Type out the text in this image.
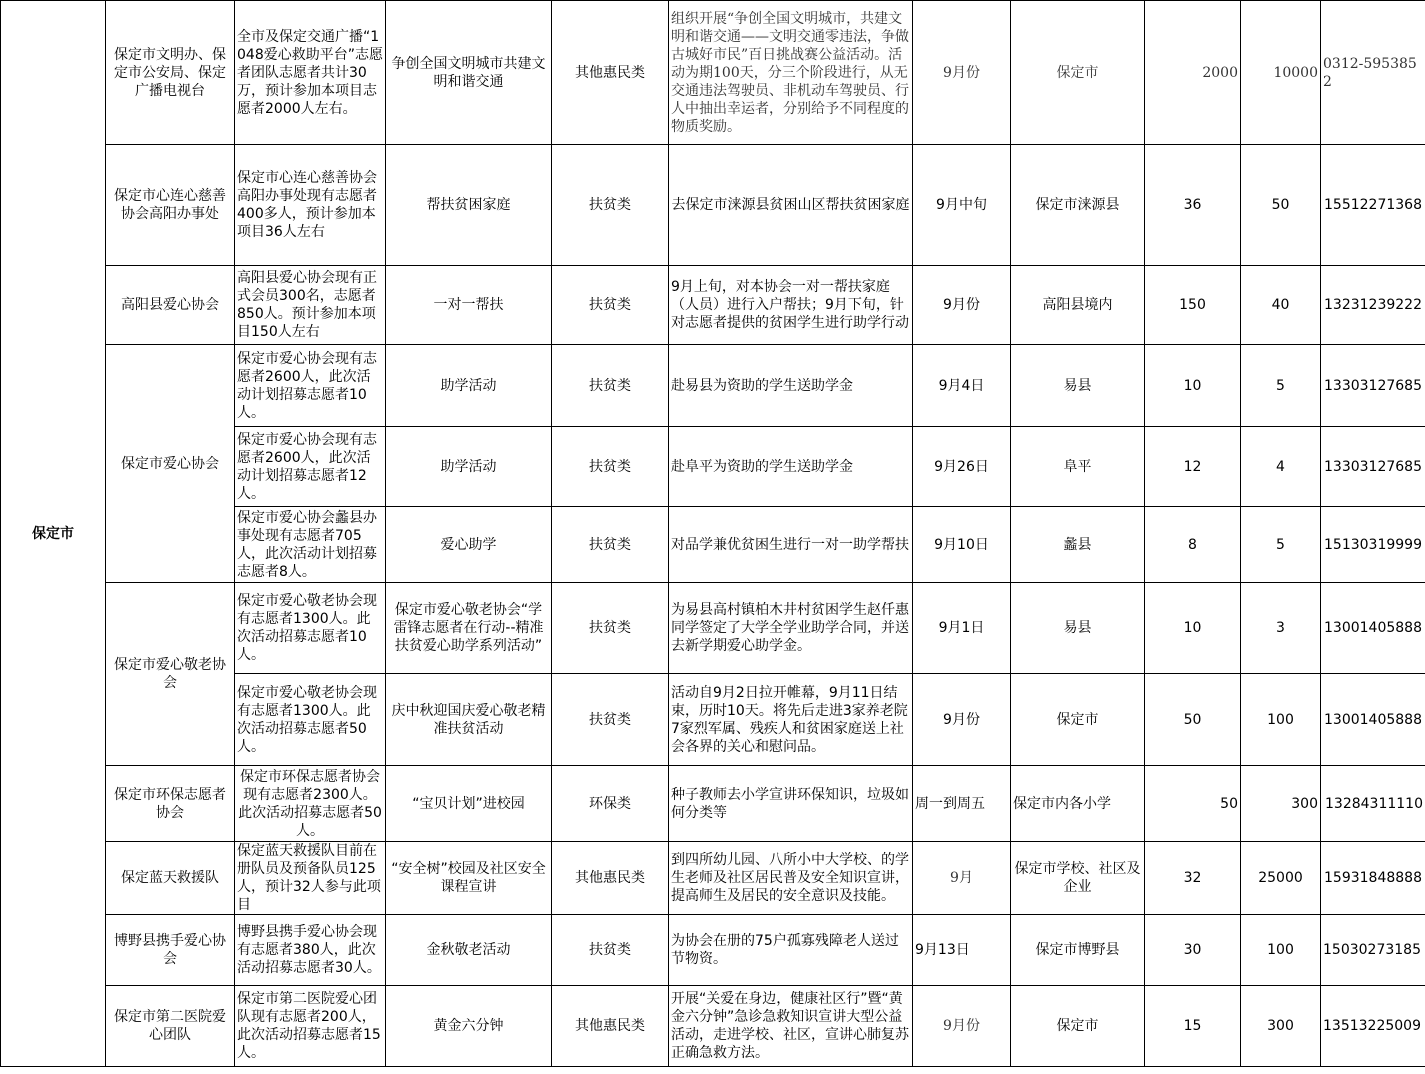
保定市	保定市文明办、保定市公安局、保定广播电视台	全市及保定交通广播“1048爱心救助平台”志愿者团队志愿者共计30万，预计参加本项目志愿者2000人左右。	争创全国文明城市共建文明和谐交通	其他惠民类	组织开展“争创全国文明城市，共建文明和谐交通——文明交通零违法，争做古城好市民”百日挑战赛公益活动。活动为期100天，分三个阶段进行，从无交通违法驾驶员、非机动车驾驶员、行人中抽出幸运者，分别给予不同程度的物质奖励。	9月份	保定市	2000	10000	0312-5953852
	保定市心连心慈善协会高阳办事处	保定市心连心慈善协会高阳办事处现有志愿者400多人，预计参加本项目36人左右	帮扶贫困家庭	扶贫类	去保定市涞源县贫困山区帮扶贫困家庭	9月中旬	保定市涞源县	36	50	15512271368
	高阳县爱心协会	高阳县爱心协会现有正式会员300名，志愿者850人。预计参加本项目150人左右	一对一帮扶	扶贫类	9月上旬，对本协会一对一帮扶家庭（人员）进行入户帮扶；9月下旬，针对志愿者提供的贫困学生进行助学行动	9月份	高阳县境内	150	40	13231239222
	保定市爱心协会	保定市爱心协会现有志愿者2600人，此次活动计划招募志愿者10人。	助学活动	扶贫类	赴易县为资助的学生送助学金	9月4日	易县	10	5	13303127685
		保定市爱心协会现有志愿者2600人，此次活动计划招募志愿者12人。	助学活动	扶贫类	赴阜平为资助的学生送助学金	9月26日	阜平	12	4	13303127685
		保定市爱心协会蠡县办事处现有志愿者705人，此次活动计划招募志愿者8人。	爱心助学	扶贫类	对品学兼优贫困生进行一对一助学帮扶	9月10日	蠡县	8	5	15130319999
	保定市爱心敬老协会	保定市爱心敬老协会现有志愿者1300人。此次活动招募志愿者10人。	保定市爱心敬老协会“学雷锋志愿者在行动--精准扶贫爱心助学系列活动”	扶贫类	为易县高村镇柏木井村贫困学生赵仟惠同学签定了大学全学业助学合同，并送去新学期爱心助学金。	9月1日	易县	10	3	13001405888
		保定市爱心敬老协会现有志愿者1300人。此次活动招募志愿者50人。	庆中秋迎国庆爱心敬老精准扶贫活动	扶贫类	活动自9月2日拉开帷幕，9月11日结束，历时10天。将先后走进3家养老院7家烈军属、残疾人和贫困家庭送上社会各界的关心和慰问品。	9月份	保定市	50	100	13001405888
	保定市环保志愿者协会	保定市环保志愿者协会现有志愿者2300人。此次活动招募志愿者50人。	“宝贝计划”进校园	环保类	种子教师去小学宣讲环保知识，垃圾如何分类等	周一到周五	保定市内各小学	50	300	13284311110
	保定蓝天救援队	保定蓝天救援队目前在册队员及预备队员125人，预计32人参与此项目	“安全树”校园及社区安全课程宣讲	其他惠民类	到四所幼儿园、八所小中大学校、的学生老师及社区居民普及安全知识宣讲，提高师生及居民的安全意识及技能。	9月	保定市学校、社区及企业	32	25000	15931848888
	博野县携手爱心协会	博野县携手爱心协会现有志愿者380人，此次活动招募志愿者30人。	金秋敬老活动	扶贫类	为协会在册的75户孤寡残障老人送过节物资。	9月13日	保定市博野县	30	100	15030273185
	保定市第二医院爱心团队	保定市第二医院爱心团队现有志愿者200人，此次活动招募志愿者15人。	黄金六分钟	其他惠民类	开展“关爱在身边，健康社区行”暨“黄金六分钟”急诊急救知识宣讲大型公益活动，走进学校、社区，宣讲心肺复苏正确急救方法。	9月份	保定市	15	300	13513225009
